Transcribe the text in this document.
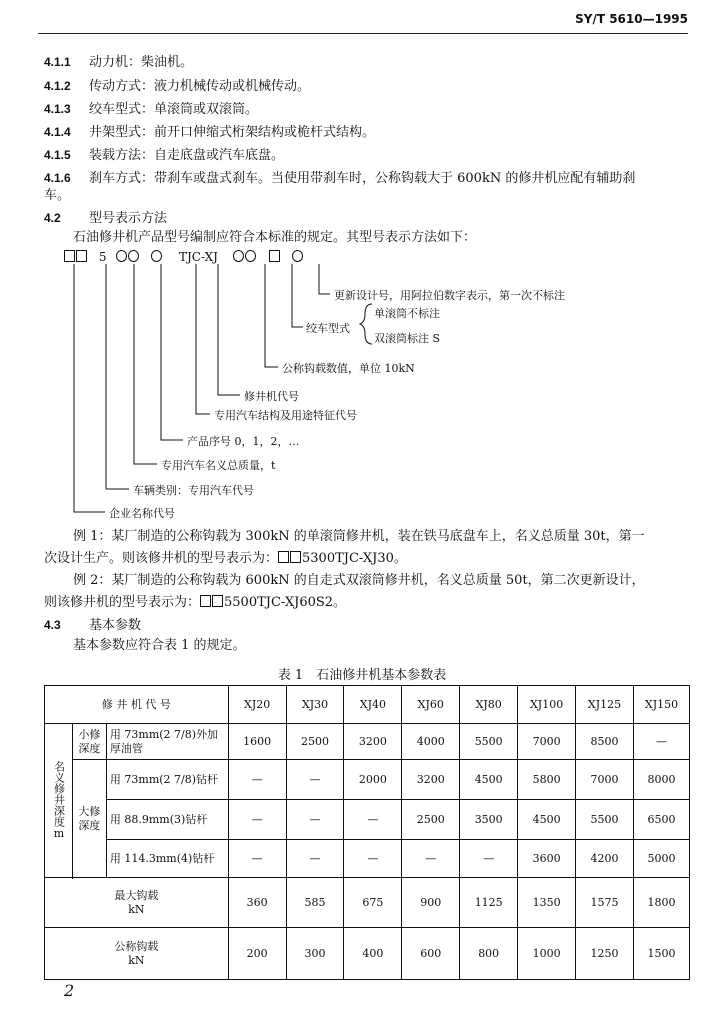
SY/T 5610—1995
4.1.1 动力机：柴油机。
4.1.2 传动方式：液力机械传动或机械传动。
4.1.3 绞车型式：单滚筒或双滚筒。
4.1.4 井架型式：前开口伸缩式桁架结构或桅杆式结构。
4.1.5 装载方法：自走底盘或汽车底盘。
4.1.6 刹车方式：带刹车或盘式刹车。当使用带刹车时，公称钩载大于 600kN 的修井机应配有辅助刹
车。
4.2 型号表示方法
石油修井机产品型号编制应符合本标准的规定。其型号表示方法如下：
5	TJC-XJ
更新设计号，用阿拉伯数字表示，第一次不标注
绞车型式
单滚筒不标注
双滚筒标注 S
公称钩载数值，单位 10kN
修井机代号
专用汽车结构及用途特征代号
产品序号 0，1，2，…
专用汽车名义总质量，t
车辆类别：专用汽车代号
企业名称代号
例 1：某厂制造的公称钩载为 300kN 的单滚筒修井机，装在铁马底盘车上，名义总质量 30t，第一
次设计生产。则该修井机的型号表示为： 5300TJC-XJ30。
例 2：某厂制造的公称钩载为 600kN 的自走式双滚筒修井机，名义总质量 50t，第二次更新设计，
则该修井机的型号表示为： 5500TJC-XJ60S2。
4.3 基本参数
基本参数应符合表 1 的规定。
表 1　石油修井机基本参数表
修 井 机 代 号			XJ20	XJ30	XJ40	XJ60	XJ80	XJ100	XJ125	XJ150
名义修井深度m	小修深度	用 73mm(2 7/8)外加厚油管	1600	2500	3200	4000	5500	7000	8500	—
	大修深度	用 73mm(2 7/8)钻杆	—	—	2000	3200	4500	5800	7000	8000
		用 88.9mm(3)钻杆	—	—	—	2500	3500	4500	5500	6500
		用 114.3mm(4)钻杆	—	—	—	—	—	3600	4200	5000

最大钩载
kN			360	585	675	900	1125	1350	1575	1800

公称钩载
kN			200	300	400	600	800	1000	1250	1500
2
